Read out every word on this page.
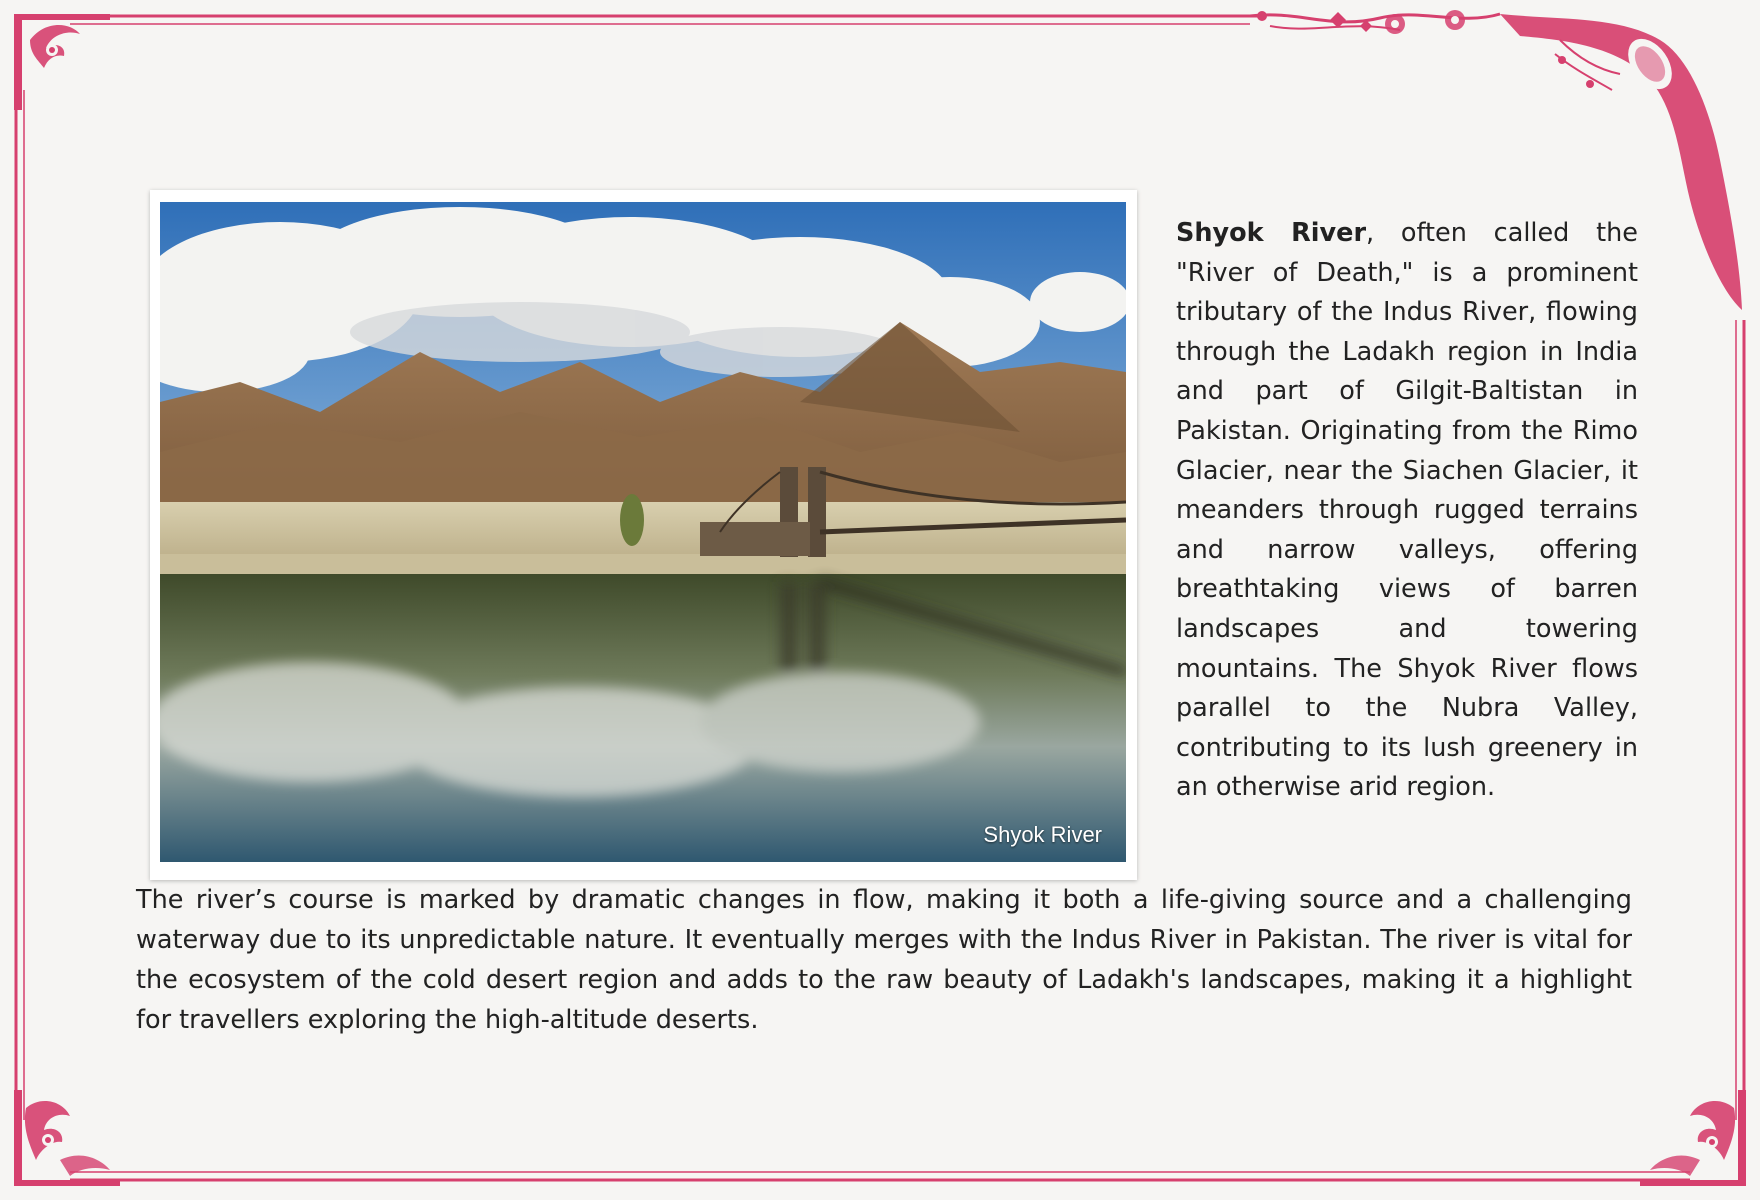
Shyok River
Shyok River, often called the "River of Death," is a prominent tributary of the Indus River, flowing through the Ladakh region in India and part of Gilgit-Baltistan in Pakistan. Originating from the Rimo Glacier, near the Siachen Glacier, it meanders through rugged terrains and narrow valleys, offering breathtaking views of barren landscapes and towering mountains. The Shyok River flows parallel to the Nubra Valley, contributing to its lush greenery in an otherwise arid region.
The river’s course is marked by dramatic changes in flow, making it both a life-giving source and a challenging waterway due to its unpredictable nature. It eventually merges with the Indus River in Pakistan. The river is vital for the ecosystem of the cold desert region and adds to the raw beauty of Ladakh's landscapes, making it a highlight for travellers exploring the high-altitude deserts.
